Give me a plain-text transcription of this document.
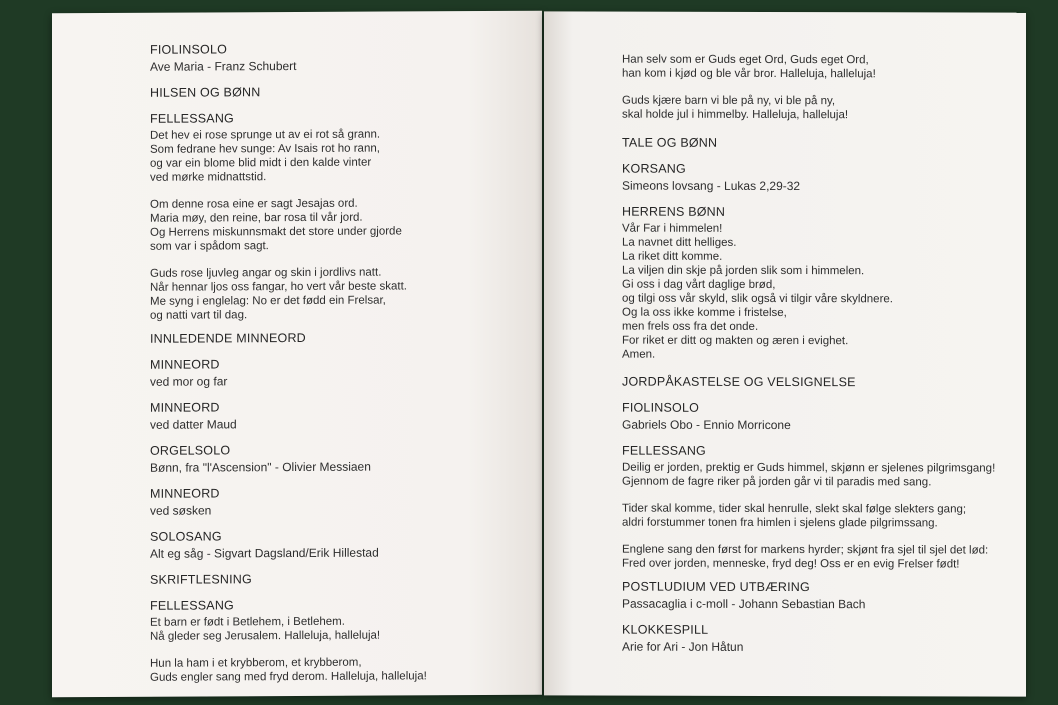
FIOLINSOLO
Ave Maria - Franz Schubert
HILSEN OG BØNN
FELLESSANG
Det hev ei rose sprunge ut av ei rot så grann.
Som fedrane hev sunge: Av Isais rot ho rann,
og var ein blome blid midt i den kalde vinter
ved mørke midnattstid.
Om denne rosa eine er sagt Jesajas ord.
Maria møy, den reine, bar rosa til vår jord.
Og Herrens miskunnsmakt det store under gjorde
som var i spådom sagt.
Guds rose ljuvleg angar og skin i jordlivs natt.
Når hennar ljos oss fangar, ho vert vår beste skatt.
Me syng i englelag: No er det fødd ein Frelsar,
og natti vart til dag.
INNLEDENDE MINNEORD
MINNEORD
ved mor og far
MINNEORD
ved datter Maud
ORGELSOLO
Bønn, fra "l'Ascension" - Olivier Messiaen
MINNEORD
ved søsken
SOLOSANG
Alt eg såg - Sigvart Dagsland/Erik Hillestad
SKRIFTLESNING
FELLESSANG
Et barn er født i Betlehem, i Betlehem.
Nå gleder seg Jerusalem. Halleluja, halleluja!
Hun la ham i et krybberom, et krybberom,
Guds engler sang med fryd derom. Halleluja, halleluja!
Han selv som er Guds eget Ord, Guds eget Ord,
han kom i kjød og ble vår bror. Halleluja, halleluja!
Guds kjære barn vi ble på ny, vi ble på ny,
skal holde jul i himmelby. Halleluja, halleluja!
TALE OG BØNN
KORSANG
Simeons lovsang - Lukas 2,29-32
HERRENS BØNN
Vår Far i himmelen!
La navnet ditt helliges.
La riket ditt komme.
La viljen din skje på jorden slik som i himmelen.
Gi oss i dag vårt daglige brød,
og tilgi oss vår skyld, slik også vi tilgir våre skyldnere.
Og la oss ikke komme i fristelse,
men frels oss fra det onde.
For riket er ditt og makten og æren i evighet.
Amen.
JORDPÅKASTELSE OG VELSIGNELSE
FIOLINSOLO
Gabriels Obo - Ennio Morricone
FELLESSANG
Deilig er jorden, prektig er Guds himmel, skjønn er sjelenes pilgrimsgang!
Gjennom de fagre riker på jorden går vi til paradis med sang.
Tider skal komme, tider skal henrulle, slekt skal følge slekters gang;
aldri forstummer tonen fra himlen i sjelens glade pilgrimssang.
Englene sang den først for markens hyrder; skjønt fra sjel til sjel det lød:
Fred over jorden, menneske, fryd deg! Oss er en evig Frelser født!
POSTLUDIUM VED UTBÆRING
Passacaglia i c-moll - Johann Sebastian Bach
KLOKKESPILL
Arie for Ari - Jon Håtun
